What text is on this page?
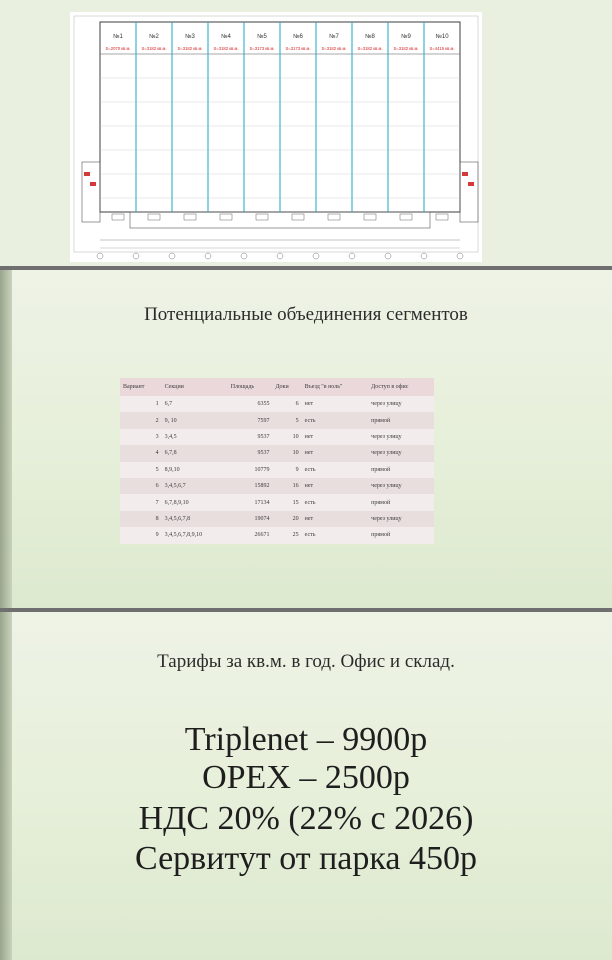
№1
S=2070 кв.м.
№2
S=3182 кв.м.
№3
S=3182 кв.м.
№4
S=3182 кв.м.
№5
S=3173 кв.м.
№6
S=3173 кв.м.
№7
S=3182 кв.м.
№8
S=3182 кв.м.
№9
S=3182 кв.м.
№10
S=4415 кв.м.
Потенциальные объединения сегментов
Вариант	Секции	Площадь	Доки	Въезд "в ноль"	Доступ в офис
1	6,7	6355	6	нет	через улицу
2	9, 10	7597	5	есть	прямой
3	3,4,5	9537	10	нет	через улицу
4	6,7,8	9537	10	нет	через улицу
5	8,9,10	10779	9	есть	прямой
6	3,4,5,6,7	15892	16	нет	через улицу
7	6,7,8,9,10	17134	15	есть	прямой
8	3,4,5,6,7,8	19074	20	нет	через улицу
9	3,4,5,6,7,8,9,10	26671	25	есть	прямой
Тарифы за кв.м. в год. Офис и склад.
Triplenet – 9900р
OPEX – 2500р
НДС 20% (22% с 2026)
Сервитут от парка 450р
